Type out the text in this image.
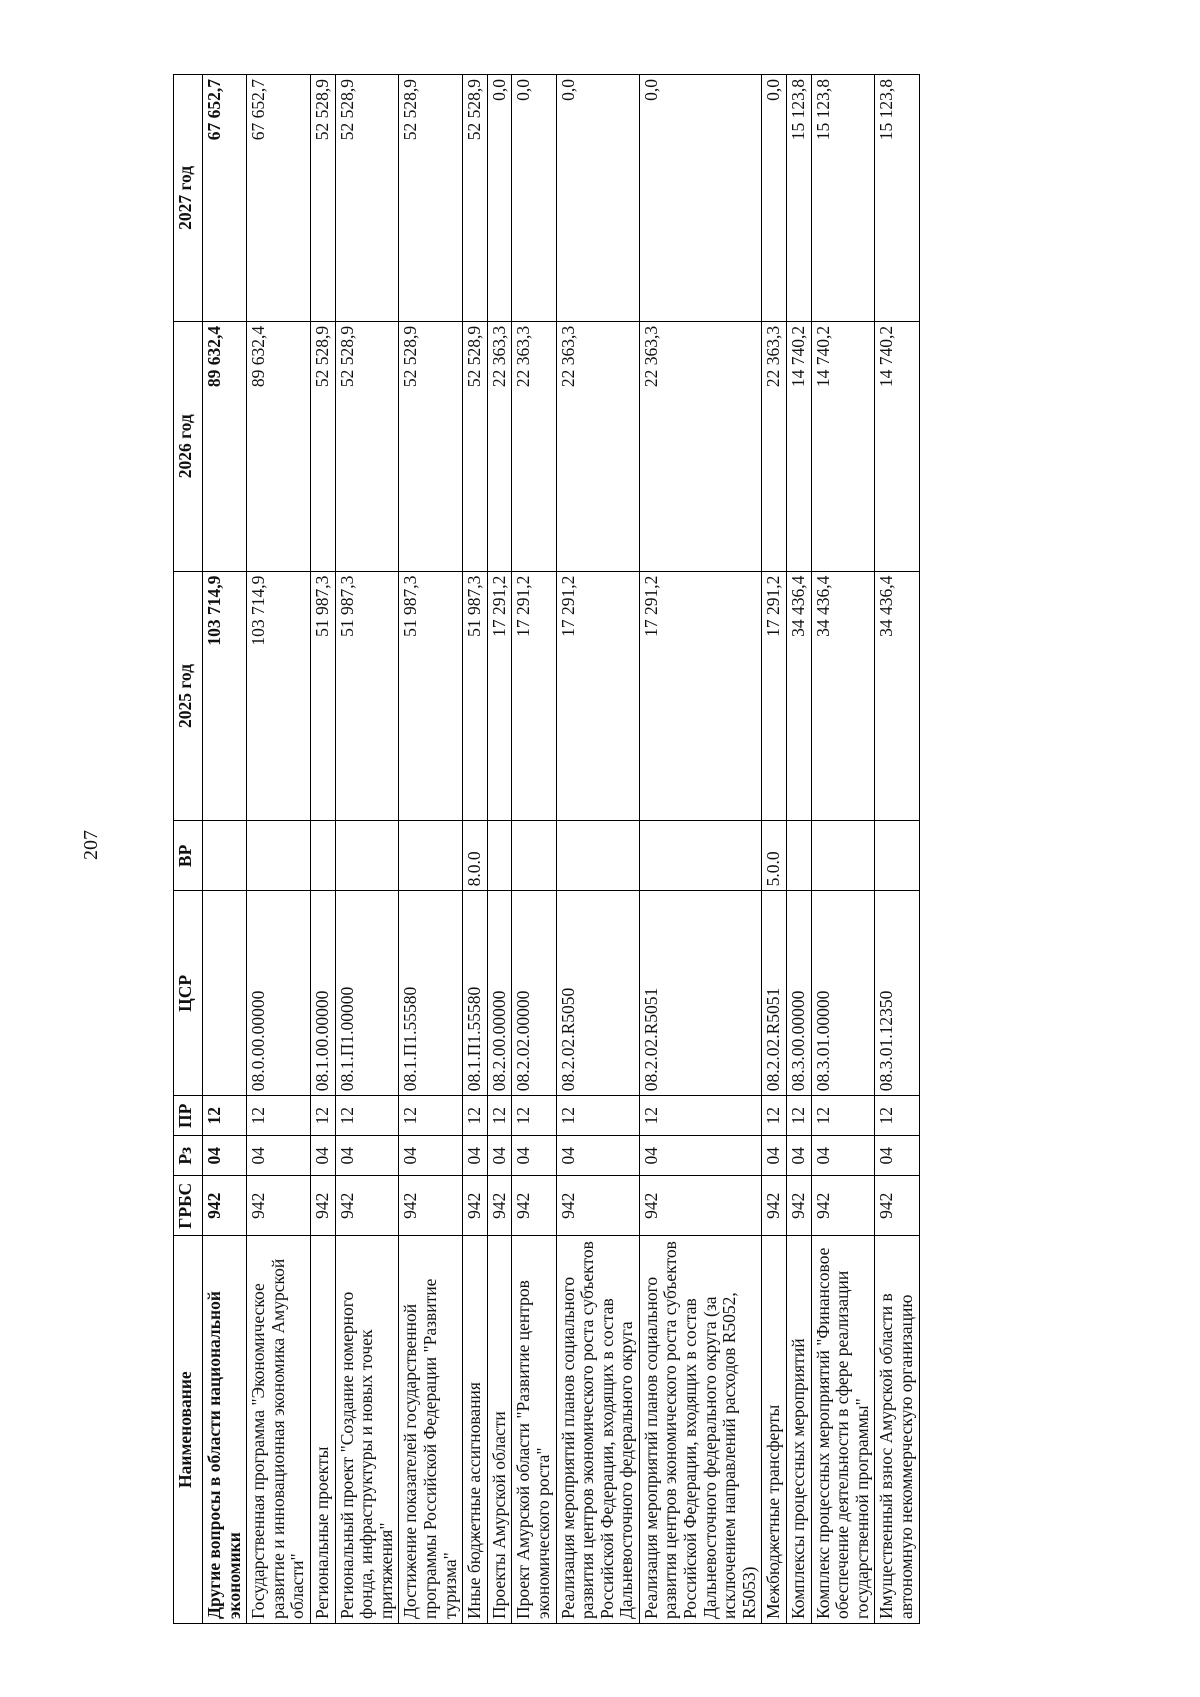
207
Наименование	ГРБС	Рз	ПР	ЦСР	ВР	2025 год	2026 год	2027 год
Другие вопросы в области национальной экономики	942	04	12			103 714,9	89 632,4	67 652,7
Государственная программа "Экономическое развитие и инновационная экономика Амурской области"	942	04	12	08.0.00.00000		103 714,9	89 632,4	67 652,7
Региональные проекты	942	04	12	08.1.00.00000		51 987,3	52 528,9	52 528,9
Региональный проект "Создание номерного фонда, инфраструктуры и новых точек притяжения"	942	04	12	08.1.П1.00000		51 987,3	52 528,9	52 528,9
Достижение показателей государственной программы Российской Федерации "Развитие туризма"	942	04	12	08.1.П1.55580		51 987,3	52 528,9	52 528,9
Иные бюджетные ассигнования	942	04	12	08.1.П1.55580	8.0.0	51 987,3	52 528,9	52 528,9
Проекты Амурской области	942	04	12	08.2.00.00000		17 291,2	22 363,3	0,0
Проект Амурской области "Развитие центров экономического роста"	942	04	12	08.2.02.00000		17 291,2	22 363,3	0,0
Реализация мероприятий планов социального развития центров экономического роста субъектов Российской Федерации, входящих в состав Дальневосточного федерального округа	942	04	12	08.2.02.R5050		17 291,2	22 363,3	0,0
Реализация мероприятий планов социального развития центров экономического роста субъектов Российской Федерации, входящих в состав Дальневосточного федерального округа (за исключением направлений расходов R5052, R5053)	942	04	12	08.2.02.R5051		17 291,2	22 363,3	0,0
Межбюджетные трансферты	942	04	12	08.2.02.R5051	5.0.0	17 291,2	22 363,3	0,0
Комплексы процессных мероприятий	942	04	12	08.3.00.00000		34 436,4	14 740,2	15 123,8
Комплекс процессных мероприятий "Финансовое обеспечение деятельности в сфере реализации государственной программы"	942	04	12	08.3.01.00000		34 436,4	14 740,2	15 123,8
Имущественный взнос Амурской области в автономную некоммерческую организацию	942	04	12	08.3.01.12350		34 436,4	14 740,2	15 123,8
